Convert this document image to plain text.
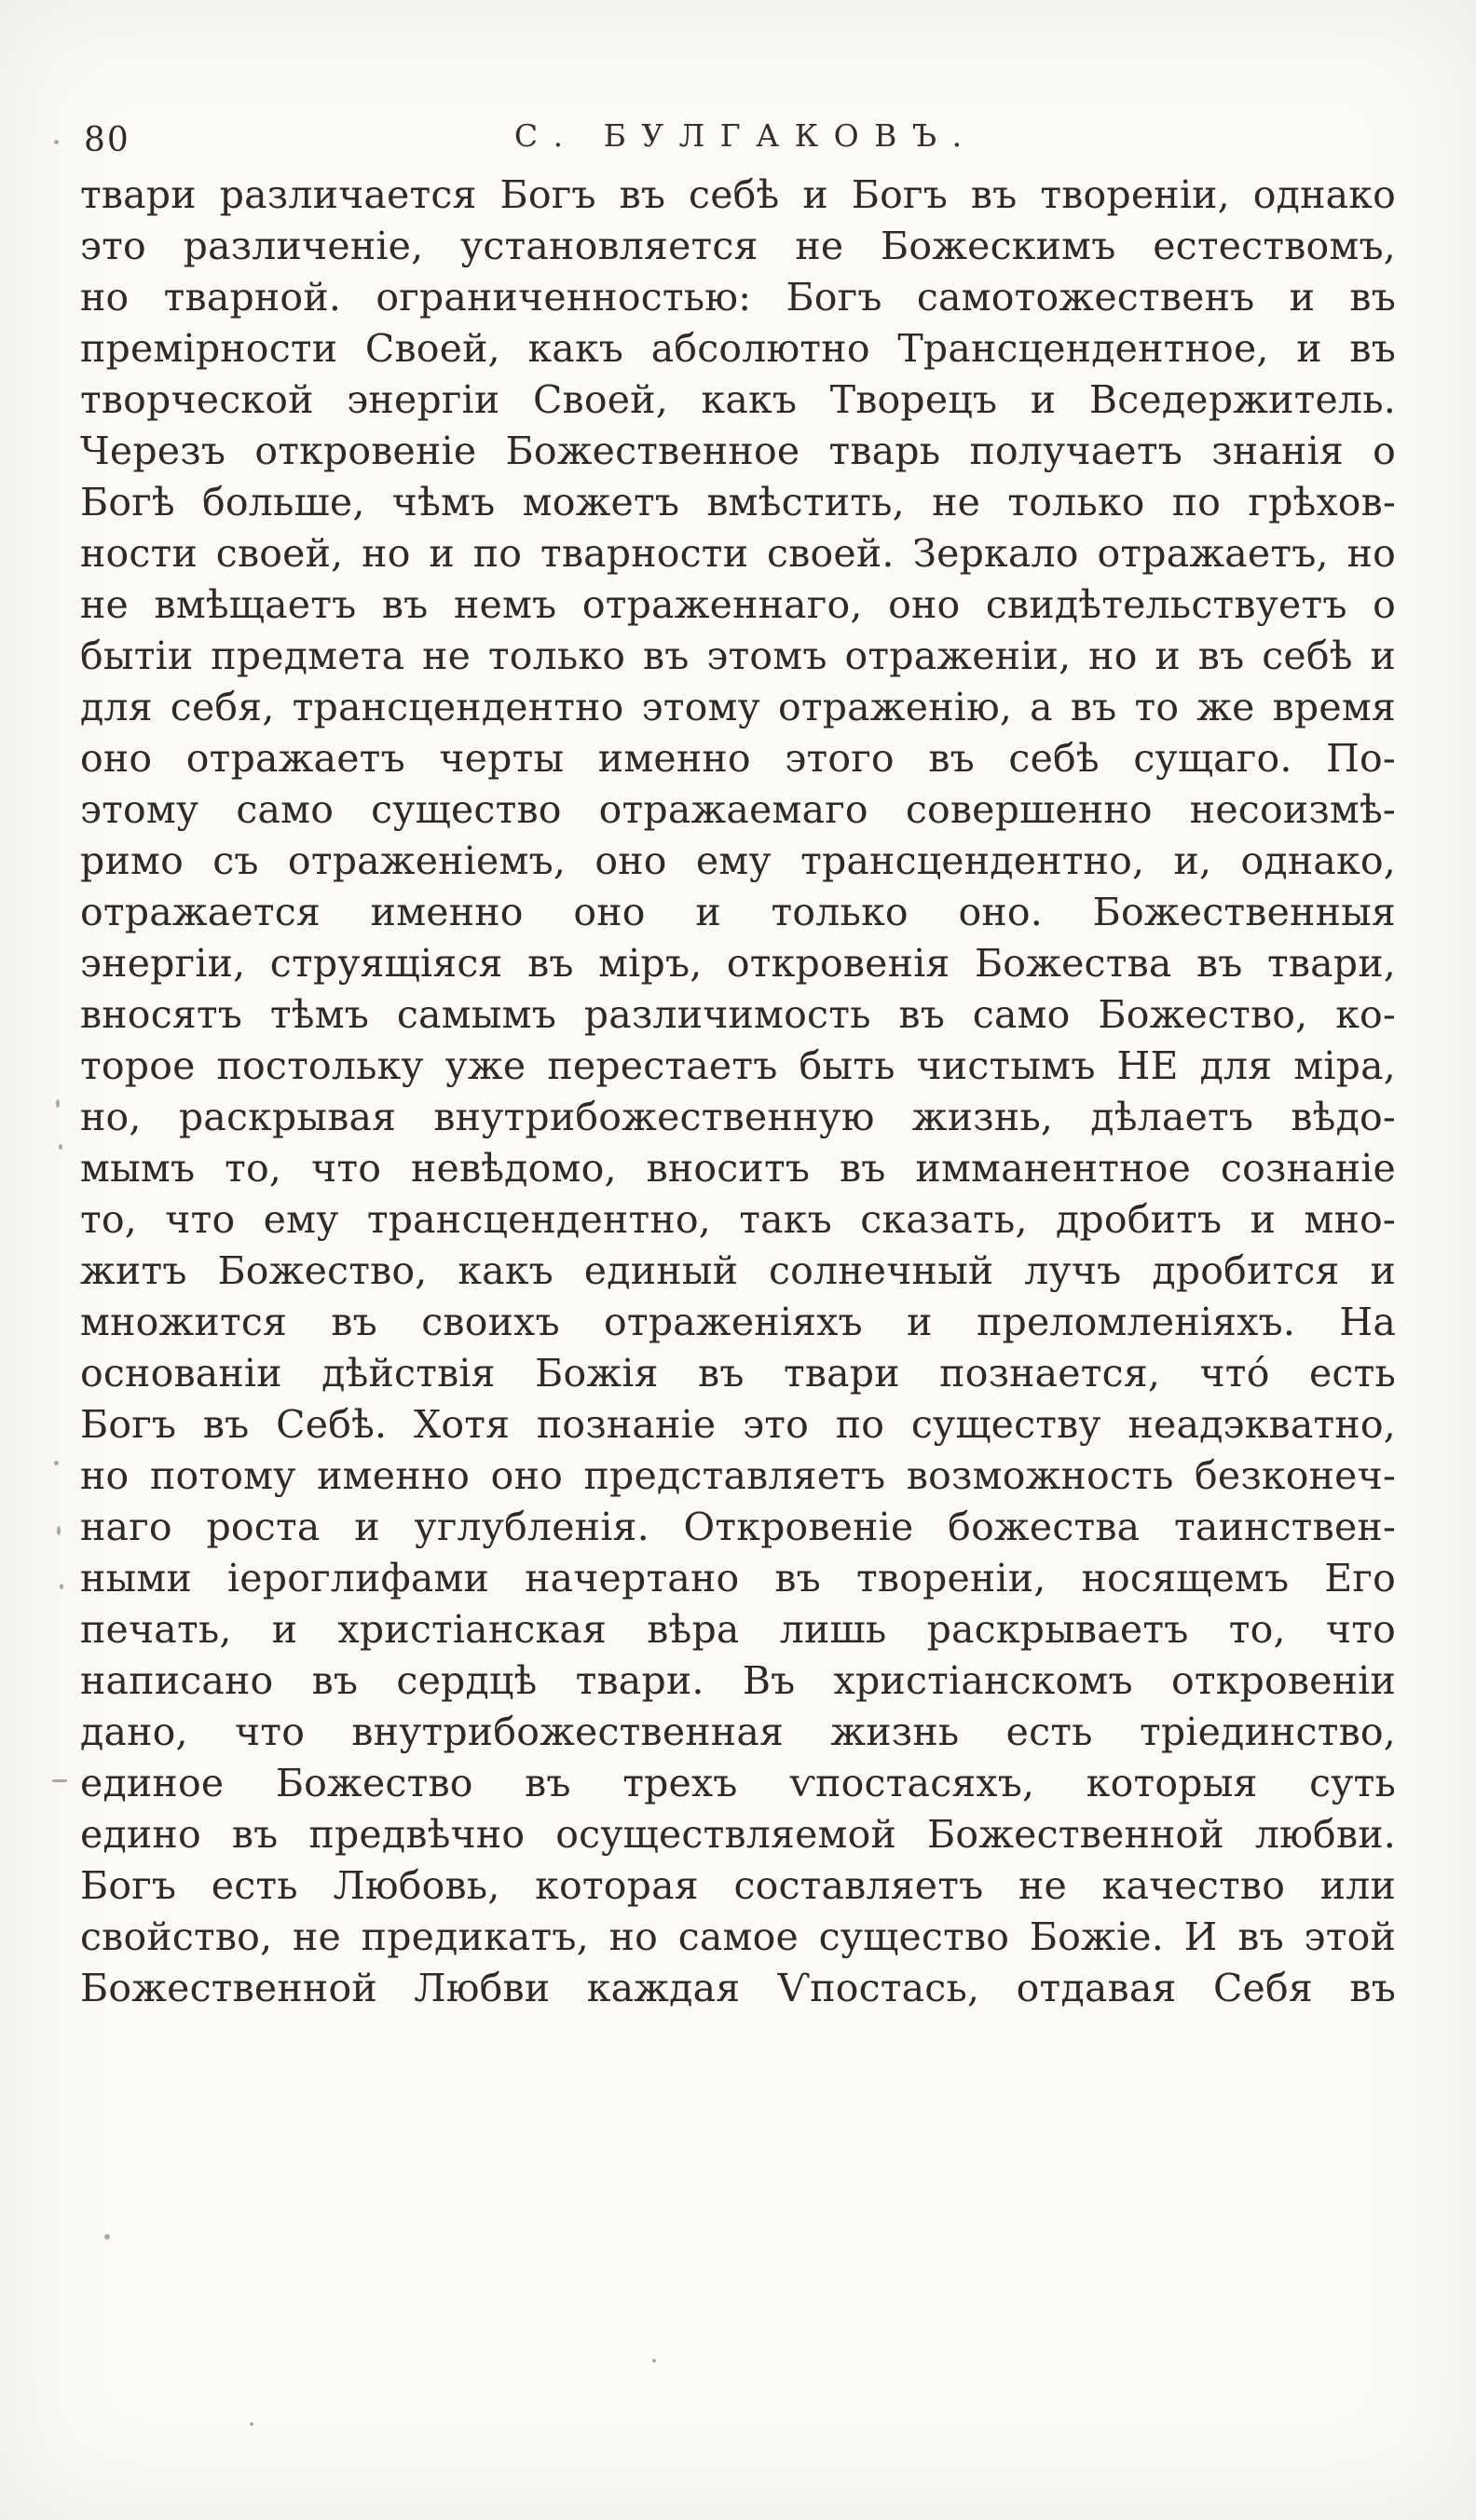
80	С. БУЛГАКОВЪ.
твари различается Богъ въ себѣ и Богъ въ твореніи, однако
это различеніе, установляется не Божескимъ естествомъ,
но тварной. ограниченностью: Богъ самотожественъ и въ
премірности Своей, какъ абсолютно Трансцендентное, и въ
творческой энергіи Своей, какъ Творецъ и Вседержитель.
Черезъ откровеніе Божественное тварь получаетъ знанія о
Богѣ больше, чѣмъ можетъ вмѣстить, не только по грѣхов-
ности своей, но и по тварности своей. Зеркало отражаетъ, но
не вмѣщаетъ въ немъ отраженнаго, оно свидѣтельствуетъ о
бытіи предмета не только въ этомъ отраженіи, но и въ себѣ и
для себя, трансцендентно этому отраженію, а въ то же время
оно отражаетъ черты именно этого въ себѣ сущаго. По-
этому само существо отражаемаго совершенно несоизмѣ-
римо съ отраженіемъ, оно ему трансцендентно, и, однако,
отражается именно оно и только оно. Божественныя
энергіи, струящіяся въ міръ, откровенія Божества въ твари,
вносятъ тѣмъ самымъ различимость въ само Божество, ко-
торое постольку уже перестаетъ быть чистымъ НЕ для міра,
но, раскрывая внутрибожественную жизнь, дѣлаетъ вѣдо-
мымъ то, что невѣдомо, вноситъ въ имманентное сознаніе
то, что ему трансцендентно, такъ сказать, дробитъ и мно-
житъ Божество, какъ единый солнечный лучъ дробится и
множится въ своихъ отраженіяхъ и преломленіяхъ. На
основаніи дѣйствія Божія въ твари познается, что́ есть
Богъ въ Себѣ. Хотя познаніе это по существу неадэкватно,
но потому именно оно представляетъ возможность безконеч-
наго роста и углубленія. Откровеніе божества таинствен-
ными іероглифами начертано въ твореніи, носящемъ Его
печать, и христіанская вѣра лишь раскрываетъ то, что
написано въ сердцѣ твари. Въ христіанскомъ откровеніи
дано, что внутрибожественная жизнь есть тріединство,
единое Божество въ трехъ ѵпостасяхъ, которыя суть
едино въ предвѣчно осуществляемой Божественной любви.
Богъ есть Любовь, которая составляетъ не качество или
свойство, не предикатъ, но самое существо Божіе. И въ этой
Божественной Любви каждая Ѵпостась, отдавая Себя въ
